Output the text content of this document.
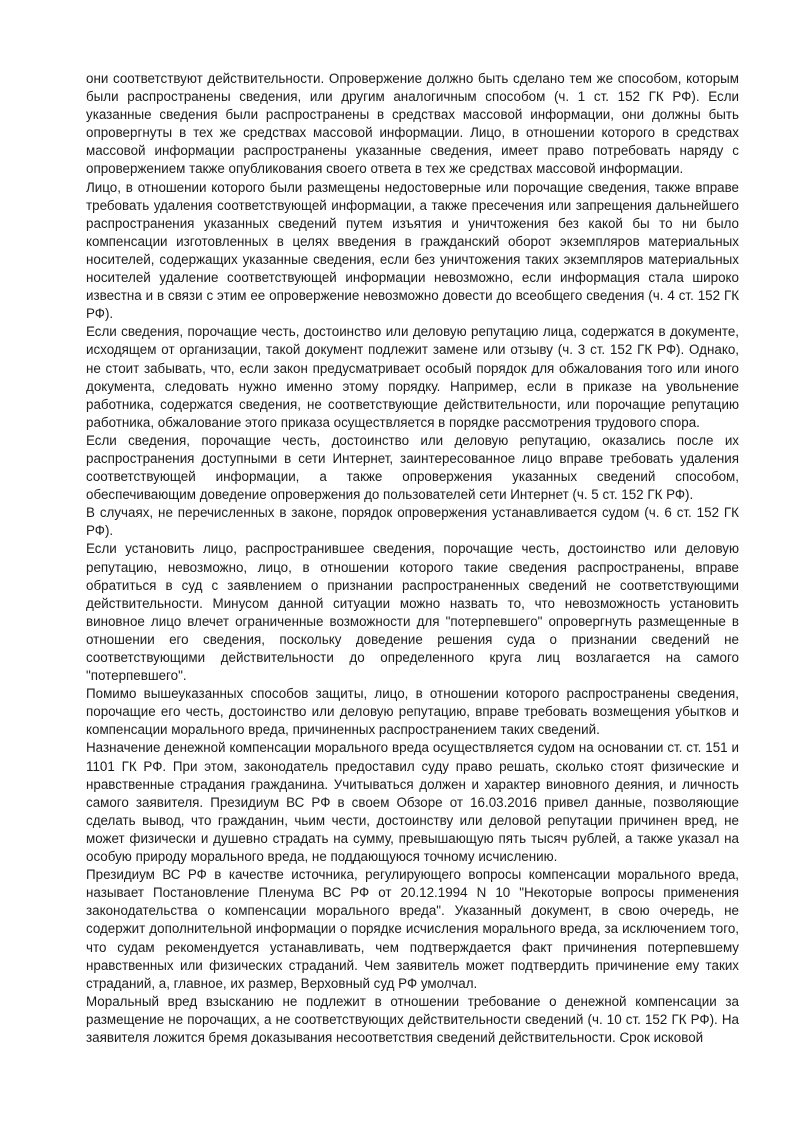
они соответствуют действительности. Опровержение должно быть сделано тем же способом, которым были распространены сведения, или другим аналогичным способом (ч. 1 ст. 152 ГК РФ). Если указанные сведения были распространены в средствах массовой информации, они должны быть опровергнуты в тех же средствах массовой информации. Лицо, в отношении которого в средствах массовой информации распространены указанные сведения, имеет право потребовать наряду с опровержением также опубликования своего ответа в тех же средствах массовой информации.

Лицо, в отношении которого были размещены недостоверные или порочащие сведения, также вправе требовать удаления соответствующей информации, а также пресечения или запрещения дальнейшего распространения указанных сведений путем изъятия и уничтожения без какой бы то ни было компенсации изготовленных в целях введения в гражданский оборот экземпляров материальных носителей, содержащих указанные сведения, если без уничтожения таких экземпляров материальных носителей удаление соответствующей информации невозможно, если информация стала широко известна и в связи с этим ее опровержение невозможно довести до всеобщего сведения (ч. 4 ст. 152 ГК РФ).

Если сведения, порочащие честь, достоинство или деловую репутацию лица, содержатся в документе, исходящем от организации, такой документ подлежит замене или отзыву (ч. 3 ст. 152 ГК РФ). Однако, не стоит забывать, что, если закон предусматривает особый порядок для обжалования того или иного документа, следовать нужно именно этому порядку. Например, если в приказе на увольнение работника, содержатся сведения, не соответствующие действительности, или порочащие репутацию работника, обжалование этого приказа осуществляется в порядке рассмотрения трудового спора.

Если сведения, порочащие честь, достоинство или деловую репутацию, оказались после их распространения доступными в сети Интернет, заинтересованное лицо вправе требовать удаления соответствующей информации, а также опровержения указанных сведений способом, обеспечивающим доведение опровержения до пользователей сети Интернет (ч. 5 ст. 152 ГК РФ).

В случаях, не перечисленных в законе, порядок опровержения устанавливается судом (ч. 6 ст. 152 ГК РФ).

Если установить лицо, распространившее сведения, порочащие честь, достоинство или деловую репутацию, невозможно, лицо, в отношении которого такие сведения распространены, вправе обратиться в суд с заявлением о признании распространенных сведений не соответствующими действительности. Минусом данной ситуации можно назвать то, что невозможность установить виновное лицо влечет ограниченные возможности для "потерпевшего" опровергнуть размещенные в отношении его сведения, поскольку доведение решения суда о признании сведений не соответствующими действительности до определенного круга лиц возлагается на самого "потерпевшего".

Помимо вышеуказанных способов защиты, лицо, в отношении которого распространены сведения, порочащие его честь, достоинство или деловую репутацию, вправе требовать возмещения убытков и компенсации морального вреда, причиненных распространением таких сведений.

Назначение денежной компенсации морального вреда осуществляется судом на основании ст. ст. 151 и 1101 ГК РФ. При этом, законодатель предоставил суду право решать, сколько стоят физические и нравственные страдания гражданина. Учитываться должен и характер виновного деяния, и личность самого заявителя. Президиум ВС РФ в своем Обзоре от 16.03.2016 привел данные, позволяющие сделать вывод, что гражданин, чьим чести, достоинству или деловой репутации причинен вред, не может физически и душевно страдать на сумму, превышающую пять тысяч рублей, а также указал на особую природу морального вреда, не поддающуюся точному исчислению.

Президиум ВС РФ в качестве источника, регулирующего вопросы компенсации морального вреда, называет Постановление Пленума ВС РФ от 20.12.1994 N 10 "Некоторые вопросы применения законодательства о компенсации морального вреда". Указанный документ, в свою очередь, не содержит дополнительной информации о порядке исчисления морального вреда, за исключением того, что судам рекомендуется устанавливать, чем подтверждается факт причинения потерпевшему нравственных или физических страданий. Чем заявитель может подтвердить причинение ему таких страданий, а, главное, их размер, Верховный суд РФ умолчал.

Моральный вред взысканию не подлежит в отношении требование о денежной компенсации за размещение не порочащих, а не соответствующих действительности сведений (ч. 10 ст. 152 ГК РФ). На заявителя ложится бремя доказывания несоответствия сведений действительности. Срок исковой
